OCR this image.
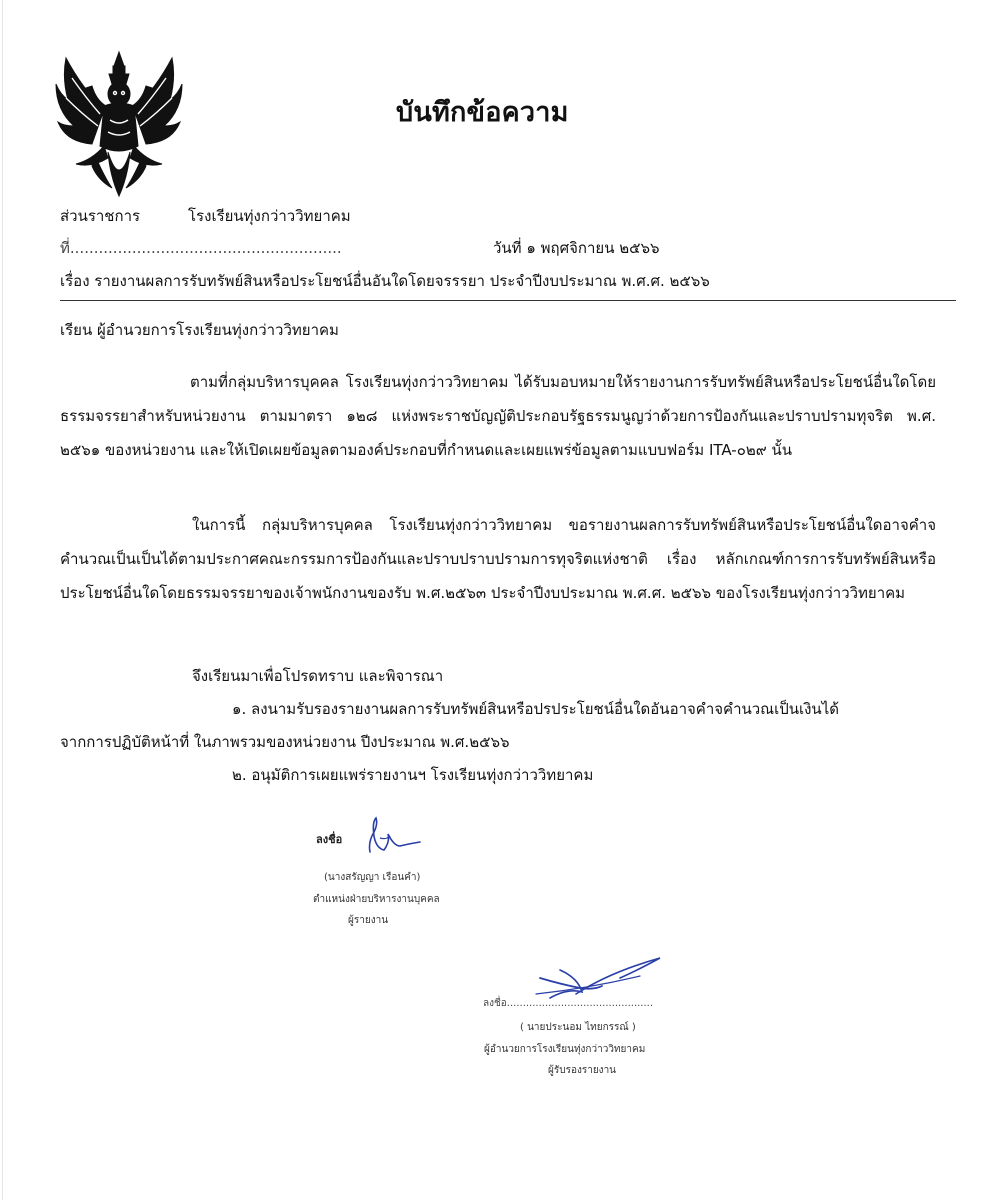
บันทึกข้อความ
ส่วนราชการ	โรงเรียนทุ่งกว่าววิทยาคม
ที่.........................................................	วันที่ ๑ พฤศจิกายน ๒๕๖๖
เรื่อง รายงานผลการรับทรัพย์สินหรือประโยชน์อื่นอันใดโดยจรรรยา ประจำปีงบประมาณ พ.ศ.ศ. ๒๕๖๖
เรียน ผู้อำนวยการโรงเรียนทุ่งกว่าววิทยาคม
ตามที่กลุ่มบริหารบุคคล โรงเรียนทุ่งกว่าววิทยาคม ได้รับมอบหมายให้รายงานการรับทรัพย์สินหรือประโยชน์อื่นใดโดยธรรมจรรยาสำหรับหน่วยงาน ตามมาตรา ๑๒๘ แห่งพระราชบัญญัติประกอบรัฐธรรมนูญว่าด้วยการป้องกันและปราบปรามทุจริต พ.ศ. ๒๕๖๑ ของหน่วยงาน และให้เปิดเผยข้อมูลตามองค์ประกอบที่กำหนดและเผยแพร่ข้อมูลตามแบบฟอร์ม ITA-๐๒๙ นั้น
ในการนี้ กลุ่มบริหารบุคคล โรงเรียนทุ่งกว่าววิทยาคม ขอรายงานผลการรับทรัพย์สินหรือประโยชน์อื่นใดอาจคำจคำนวณเป็นเป็นได้ตามประกาศคณะกรรมการป้องกันและปราบปราบปรามการทุจริตแห่งชาติ เรื่อง หลักเกณฑ์การการรับทรัพย์สินหรือประโยชน์อื่นใดโดยธรรมจรรยาของเจ้าพนักงานของรับ พ.ศ.๒๕๖๓ ประจำปีงบประมาณ พ.ศ.ศ. ๒๕๖๖ ของโรงเรียนทุ่งกว่าววิทยาคม
จึงเรียนมาเพื่อโปรดทราบ และพิจารณา
๑. ลงนามรับรองรายงานผลการรับทรัพย์สินหรือปรประโยชน์อื่นใดอันอาจคำจคำนวณเป็นเงินได้
จากการปฏิบัติหน้าที่ ในภาพรวมของหน่วยงาน ปีงประมาณ พ.ศ.๒๕๖๖
๒. อนุมัติการเผยแพร่รายงานฯ โรงเรียนทุ่งกว่าววิทยาคม
ลงชื่อ
(นางสรัญญา เรือนคำ)
ตำแหน่งฝ่ายบริหารงานบุคคล
ผู้รายงาน
ลงชื่อ..............................................
( นายประนอม ไทยกรรณ์ )
ผู้อำนวยการโรงเรียนทุ่งกว่าววิทยาคม
ผู้รับรองรายงาน
